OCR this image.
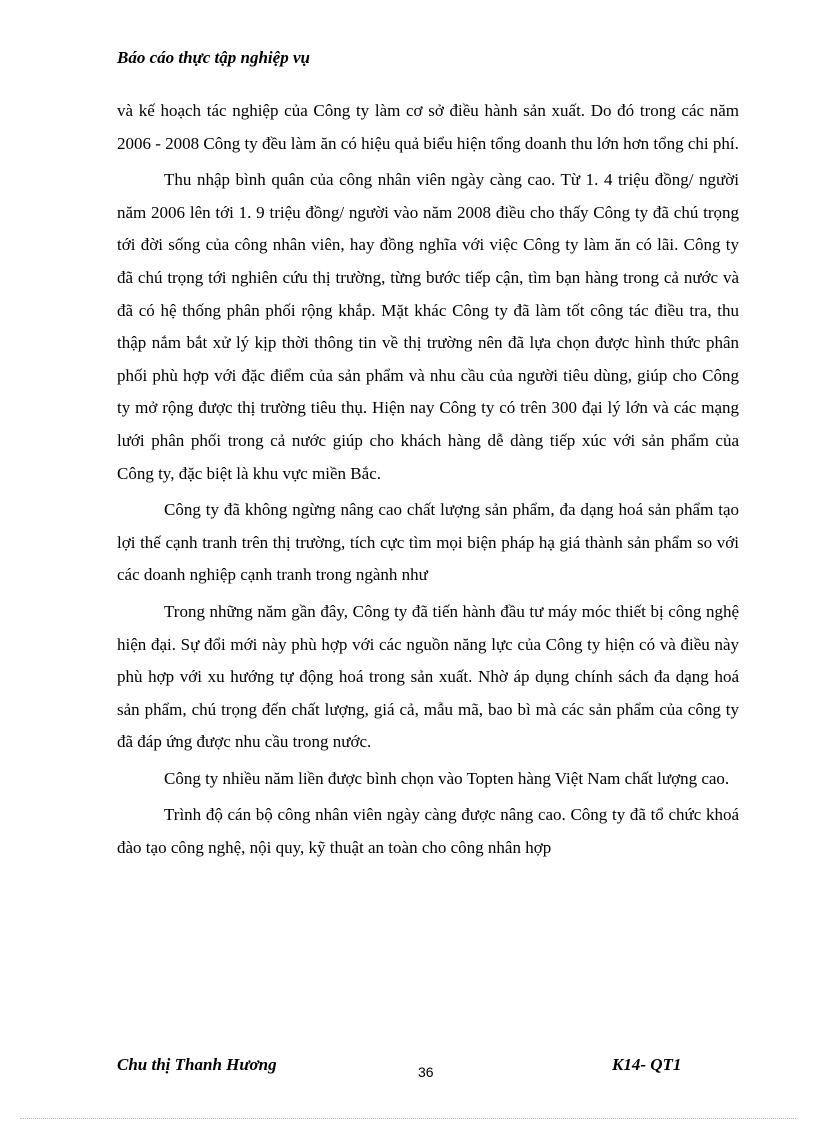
Báo cáo thực tập nghiệp vụ

và kế hoạch tác nghiệp của Công ty làm cơ sở điều hành sản xuất. Do đó trong các năm 2006 - 2008 Công ty đều làm ăn có hiệu quả biểu hiện tổng doanh thu lớn hơn tổng chi phí.

Thu nhập bình quân của công nhân viên ngày càng cao. Từ 1. 4 triệu đồng/ người năm 2006 lên tới 1. 9 triệu đồng/ người vào năm 2008 điều cho thấy Công ty đã chú trọng tới đời sống của công nhân viên, hay đồng nghĩa với việc Công ty làm ăn có lãi. Công ty đã chú trọng tới nghiên cứu thị trường, từng bước tiếp cận, tìm bạn hàng trong cả nước và đã có hệ thống phân phối rộng khắp. Mặt khác Công ty đã làm tốt công tác điều tra, thu thập nắm bắt xử lý kịp thời thông tin về thị trường nên đã lựa chọn được hình thức phân phối phù hợp với đặc điểm của sản phẩm và nhu cầu của người tiêu dùng, giúp cho Công ty mở rộng được thị trường tiêu thụ. Hiện nay Công ty có trên 300 đại lý lớn và các mạng lưới phân phối trong cả nước giúp cho khách hàng dễ dàng tiếp xúc với sản phẩm của Công ty, đặc biệt là khu vực miền Bắc.

Công ty đã không ngừng nâng cao chất lượng sản phẩm, đa dạng hoá sản phẩm tạo lợi thế cạnh tranh trên thị trường, tích cực tìm mọi biện pháp hạ giá thành sản phẩm so với các doanh nghiệp cạnh tranh trong ngành như

Trong những năm gần đây, Công ty đã tiến hành đầu tư máy móc thiết bị công nghệ hiện đại. Sự đổi mới này phù hợp với các nguồn năng lực của Công ty hiện có và điều này phù hợp với xu hướng tự động hoá trong sản xuất. Nhờ áp dụng chính sách đa dạng hoá sản phẩm, chú trọng đến chất lượng, giá cả, mẫu mã, bao bì mà các sản phẩm của công ty đã đáp ứng được nhu cầu trong nước.

Công ty nhiều năm liền được bình chọn vào Topten hàng Việt Nam chất lượng cao.

Trình độ cán bộ công nhân viên ngày càng được nâng cao. Công ty đã tổ chức khoá đào tạo công nghệ, nội quy, kỹ thuật an toàn cho công nhân hợp

Chu thị Thanh Hương	36	K14- QT1
